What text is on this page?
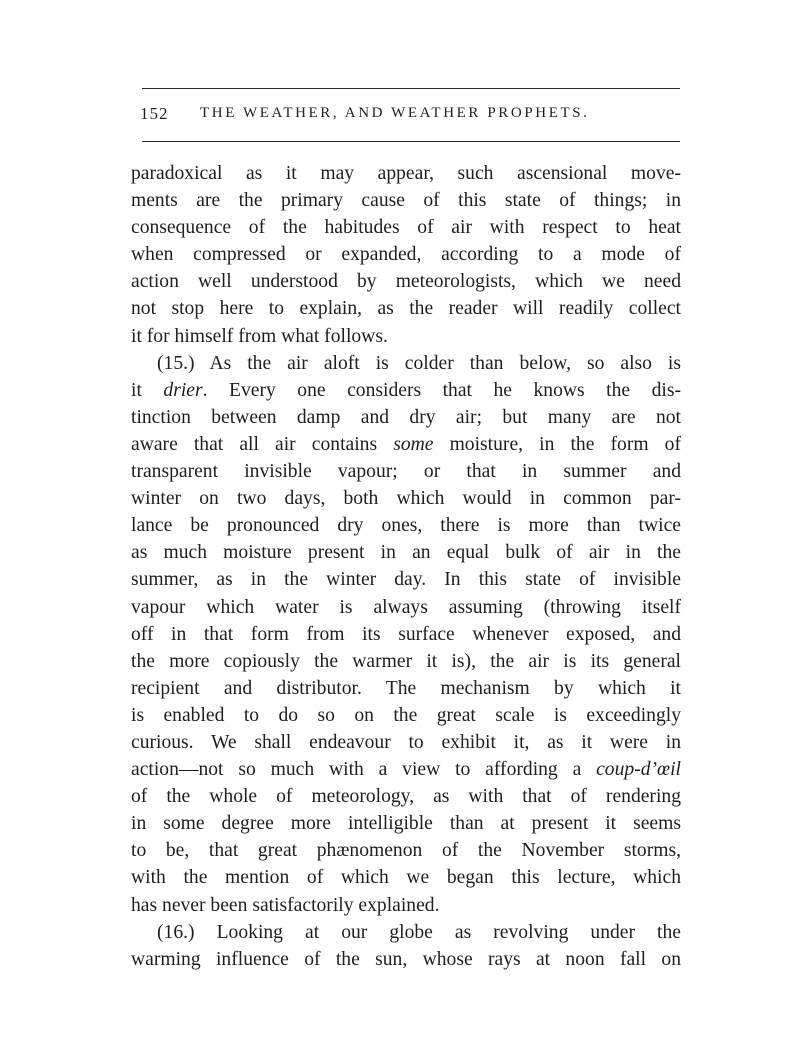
152 THE WEATHER, AND WEATHER PROPHETS.
paradoxical as it may appear, such ascensional move-
ments are the primary cause of this state of things; in
consequence of the habitudes of air with respect to heat
when compressed or expanded, according to a mode of
action well understood by meteorologists, which we need
not stop here to explain, as the reader will readily collect
it for himself from what follows.
(15.) As the air aloft is colder than below, so also is
it drier. Every one considers that he knows the dis-
tinction between damp and dry air; but many are not
aware that all air contains some moisture, in the form of
transparent invisible vapour; or that in summer and
winter on two days, both which would in common par-
lance be pronounced dry ones, there is more than twice
as much moisture present in an equal bulk of air in the
summer, as in the winter day. In this state of invisible
vapour which water is always assuming (throwing itself
off in that form from its surface whenever exposed, and
the more copiously the warmer it is), the air is its general
recipient and distributor. The mechanism by which it
is enabled to do so on the great scale is exceedingly
curious. We shall endeavour to exhibit it, as it were in
action—not so much with a view to affording a coup-d’œil
of the whole of meteorology, as with that of rendering
in some degree more intelligible than at present it seems
to be, that great phænomenon of the November storms,
with the mention of which we began this lecture, which
has never been satisfactorily explained.
(16.) Looking at our globe as revolving under the
warming influence of the sun, whose rays at noon fall on
